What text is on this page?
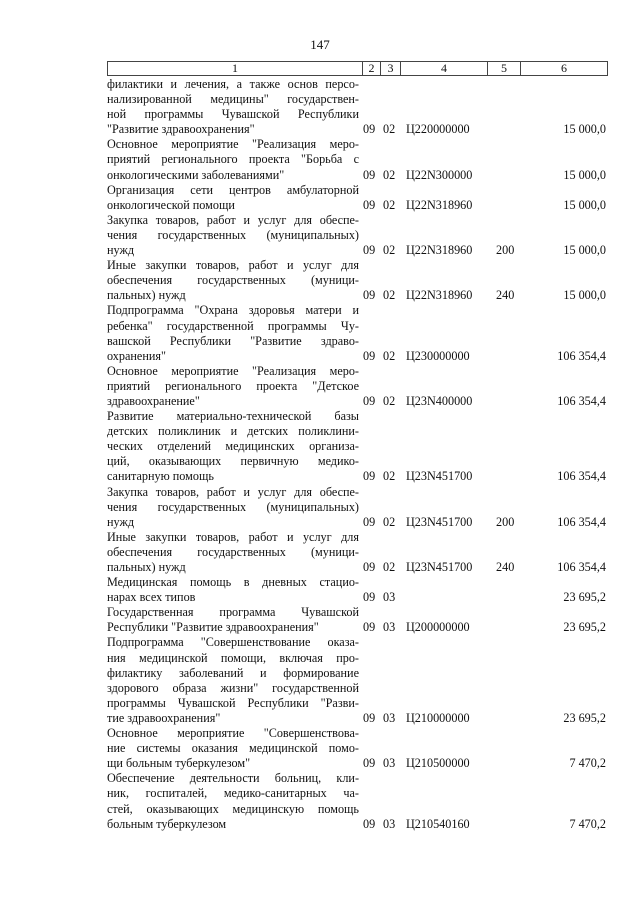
147
1	2	3	4	5	6
филактики и лечения, а также основ персо-
нализированной медицины" государствен-
ной программы Чувашской Республики
"Развитие здравоохранения"	09 02 Ц220000000	15 000,0
Основное мероприятие "Реализация меро-
приятий регионального проекта "Борьба с
онкологическими заболеваниями"	09 02 Ц22N300000	15 000,0
Организация сети центров амбулаторной
онкологической помощи	09 02 Ц22N318960	15 000,0
Закупка товаров, работ и услуг для обеспе-
чения государственных (муниципальных)
нужд	09 02 Ц22N318960	200	15 000,0
Иные закупки товаров, работ и услуг для
обеспечения государственных (муници-
пальных) нужд	09 02 Ц22N318960	240	15 000,0
Подпрограмма "Охрана здоровья матери и
ребенка" государственной программы Чу-
вашской Республики "Развитие здраво-
охранения"	09 02 Ц230000000	106 354,4
Основное мероприятие "Реализация меро-
приятий регионального проекта "Детское
здравоохранение"	09 02 Ц23N400000	106 354,4
Развитие материально-технической базы
детских поликлиник и детских поликлини-
ческих отделений медицинских организа-
ций, оказывающих первичную медико-
санитарную помощь	09 02 Ц23N451700	106 354,4
Закупка товаров, работ и услуг для обеспе-
чения государственных (муниципальных)
нужд	09 02 Ц23N451700	200	106 354,4
Иные закупки товаров, работ и услуг для
обеспечения государственных (муници-
пальных) нужд	09 02 Ц23N451700	240	106 354,4
Медицинская помощь в дневных стацио-
нарах всех типов	09 03	23 695,2
Государственная программа Чувашской
Республики "Развитие здравоохранения"	09 03 Ц200000000	23 695,2
Подпрограмма "Совершенствование оказа-
ния медицинской помощи, включая про-
филактику заболеваний и формирование
здорового образа жизни" государственной
программы Чувашской Республики "Разви-
тие здравоохранения"	09 03 Ц210000000	23 695,2
Основное мероприятие "Совершенствова-
ние системы оказания медицинской помо-
щи больным туберкулезом"	09 03 Ц210500000	7 470,2
Обеспечение деятельности больниц, кли-
ник, госпиталей, медико-санитарных ча-
стей, оказывающих медицинскую помощь
больным туберкулезом	09 03 Ц210540160	7 470,2
